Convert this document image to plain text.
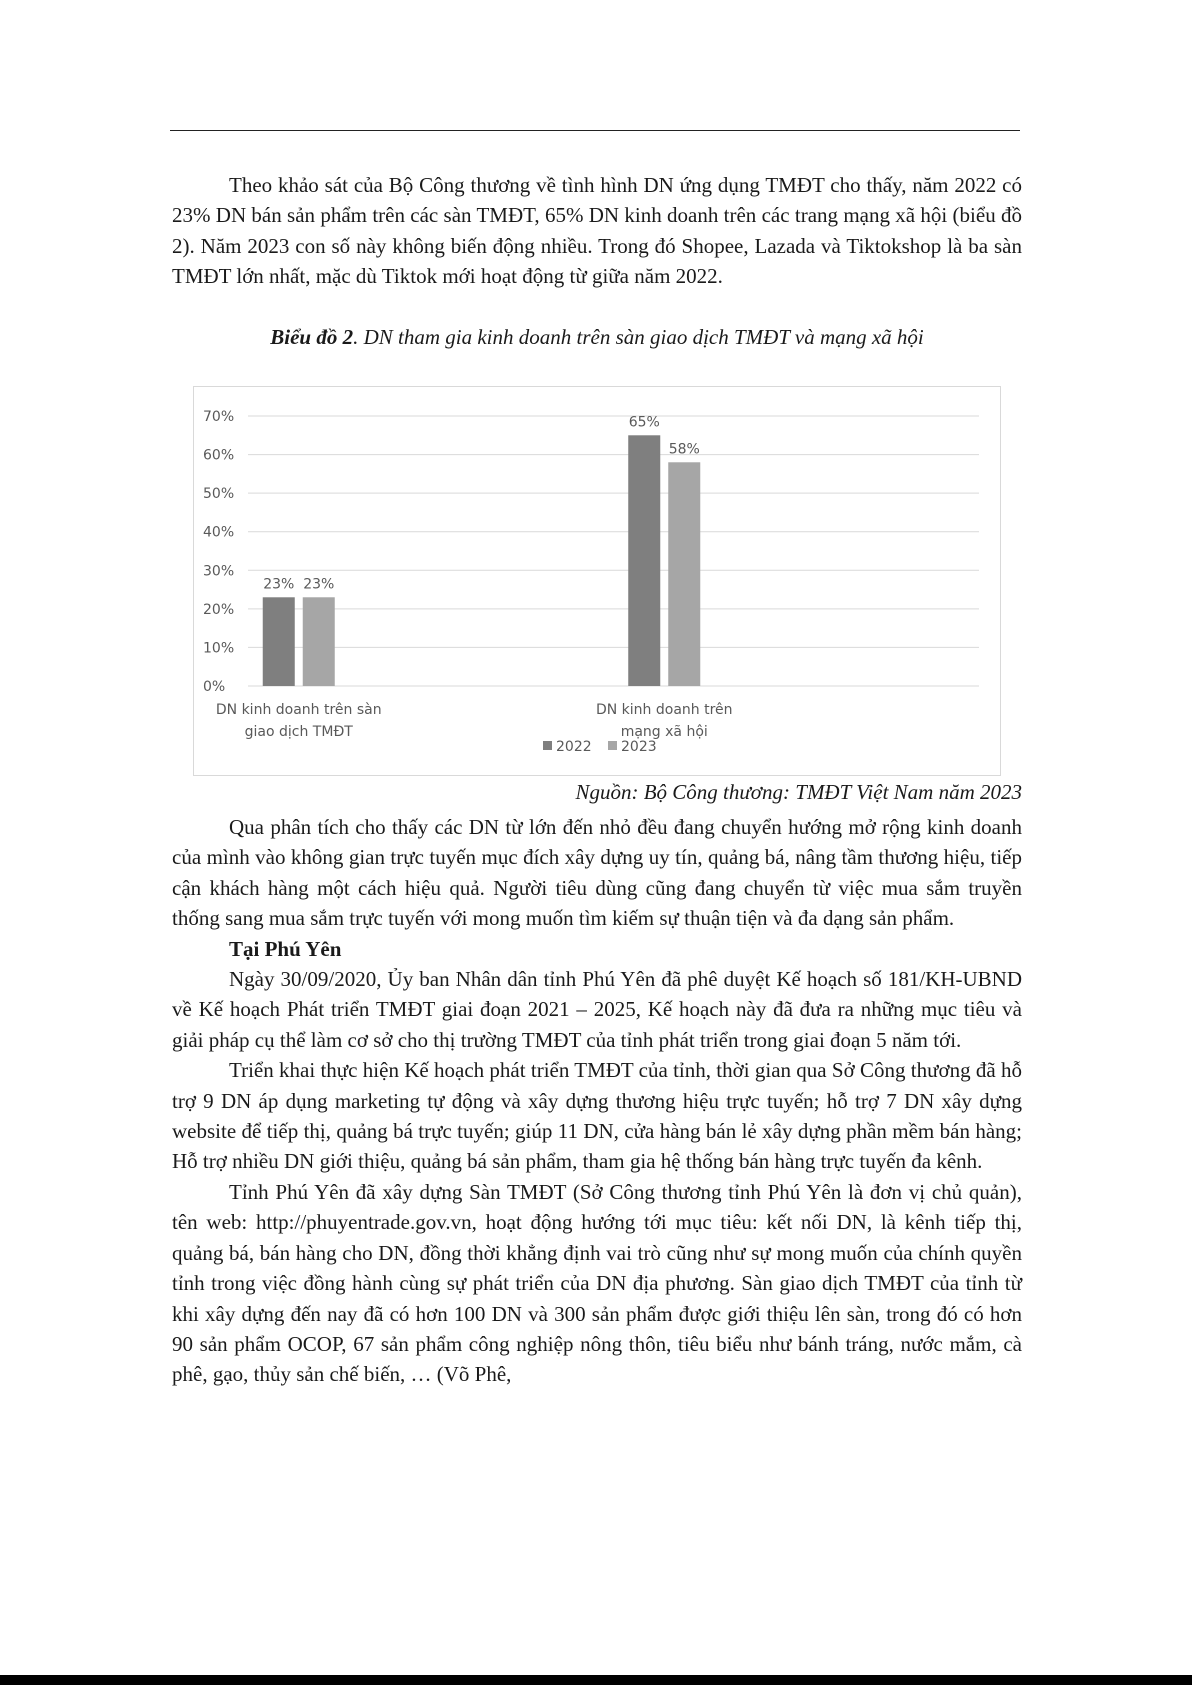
Theo khảo sát của Bộ Công thương về tình hình DN ứng dụng TMĐT cho thấy, năm 2022 có 23% DN bán sản phẩm trên các sàn TMĐT, 65% DN kinh doanh trên các trang mạng xã hội (biểu đồ 2). Năm 2023 con số này không biến động nhiều. Trong đó Shopee, Lazada và Tiktokshop là ba sàn TMĐT lớn nhất, mặc dù Tiktok mới hoạt động từ giữa năm 2022.

Biểu đồ 2. DN tham gia kinh doanh trên sàn giao dịch TMĐT và mạng xã hội
0%
10%
20%
30%
40%
50%
60%
70%
23% 23%
65%
58%
DN kinh doanh trên sàn
giao dịch TMĐT
DN kinh doanh trên
mạng xã hội
2022 2023
Nguồn: Bộ Công thương: TMĐT Việt Nam năm 2023

Qua phân tích cho thấy các DN từ lớn đến nhỏ đều đang chuyển hướng mở rộng kinh doanh của mình vào không gian trực tuyến mục đích xây dựng uy tín, quảng bá, nâng tầm thương hiệu, tiếp cận khách hàng một cách hiệu quả. Người tiêu dùng cũng đang chuyển từ việc mua sắm truyền thống sang mua sắm trực tuyến với mong muốn tìm kiếm sự thuận tiện và đa dạng sản phẩm.

Tại Phú Yên

Ngày 30/09/2020, Ủy ban Nhân dân tỉnh Phú Yên đã phê duyệt Kế hoạch số 181/KH-UBND về Kế hoạch Phát triển TMĐT giai đoạn 2021 – 2025, Kế hoạch này đã đưa ra những mục tiêu và giải pháp cụ thể làm cơ sở cho thị trường TMĐT của tỉnh phát triển trong giai đoạn 5 năm tới.

Triển khai thực hiện Kế hoạch phát triển TMĐT của tỉnh, thời gian qua Sở Công thương đã hỗ trợ 9 DN áp dụng marketing tự động và xây dựng thương hiệu trực tuyến; hỗ trợ 7 DN xây dựng website để tiếp thị, quảng bá trực tuyến; giúp 11 DN, cửa hàng bán lẻ xây dựng phần mềm bán hàng; Hỗ trợ nhiều DN giới thiệu, quảng bá sản phẩm, tham gia hệ thống bán hàng trực tuyến đa kênh.

Tỉnh Phú Yên đã xây dựng Sàn TMĐT (Sở Công thương tỉnh Phú Yên là đơn vị chủ quản), tên web: http://phuyentrade.gov.vn, hoạt động hướng tới mục tiêu: kết nối DN, là kênh tiếp thị, quảng bá, bán hàng cho DN, đồng thời khẳng định vai trò cũng như sự mong muốn của chính quyền tỉnh trong việc đồng hành cùng sự phát triển của DN địa phương. Sàn giao dịch TMĐT của tỉnh từ khi xây dựng đến nay đã có hơn 100 DN và 300 sản phẩm được giới thiệu lên sàn, trong đó có hơn 90 sản phẩm OCOP, 67 sản phẩm công nghiệp nông thôn, tiêu biểu như bánh tráng, nước mắm, cà phê, gạo, thủy sản chế biến, … (Võ Phê,
